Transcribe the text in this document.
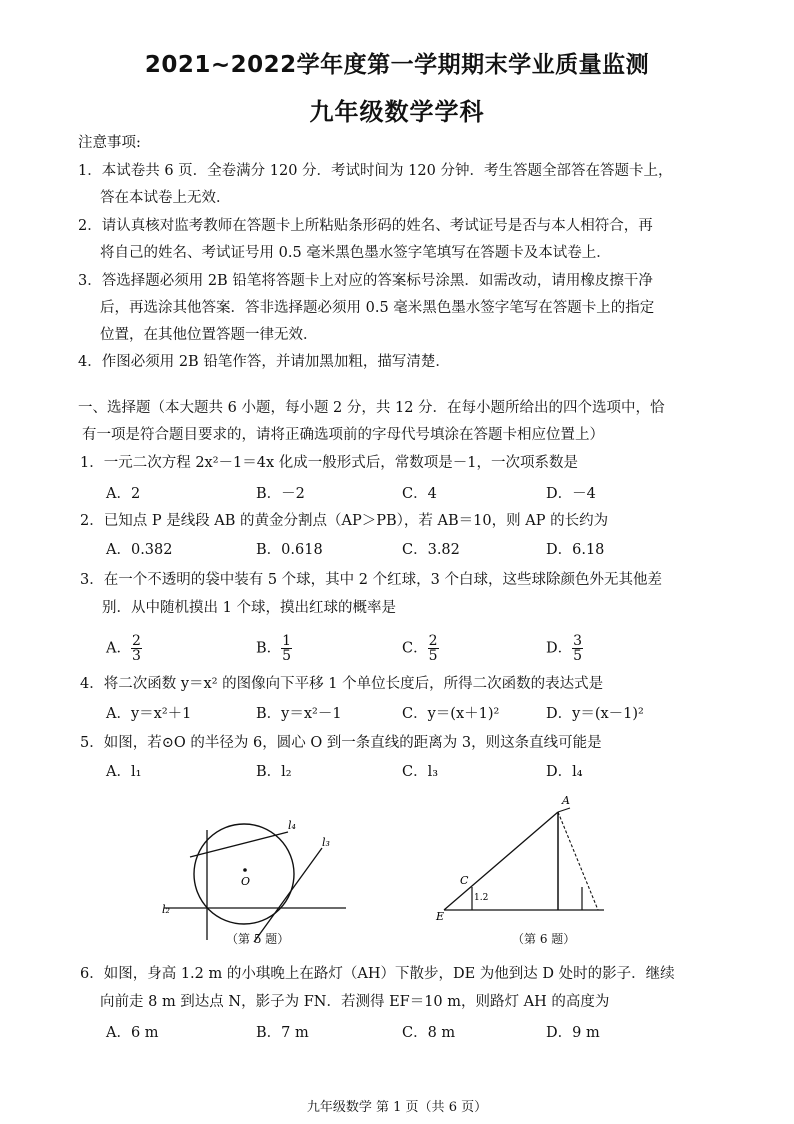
2021~2022学年度第一学期期末学业质量监测
九年级数学学科
注意事项:
1．本试卷共 6 页．全卷满分 120 分．考试时间为 120 分钟．考生答题全部答在答题卡上，
答在本试卷上无效．
2．请认真核对监考教师在答题卡上所粘贴条形码的姓名、考试证号是否与本人相符合，再
将自己的姓名、考试证号用 0.5 毫米黑色墨水签字笔填写在答题卡及本试卷上．
3．答选择题必须用 2B 铅笔将答题卡上对应的答案标号涂黑．如需改动，请用橡皮擦干净
后，再选涂其他答案．答非选择题必须用 0.5 毫米黑色墨水签字笔写在答题卡上的指定
位置，在其他位置答题一律无效．
4．作图必须用 2B 铅笔作答，并请加黑加粗，描写清楚．
一、选择题（本大题共 6 小题，每小题 2 分，共 12 分．在每小题所给出的四个选项中，恰
有一项是符合题目要求的，请将正确选项前的字母代号填涂在答题卡相应位置上）
1．一元二次方程 2x²－1＝4x 化成一般形式后，常数项是－1，一次项系数是
A．2	B．－2	C．4	D．－4
2．已知点 P 是线段 AB 的黄金分割点（AP＞PB），若 AB＝10，则 AP 的长约为
A．0.382	B．0.618	C．3.82	D．6.18
3．在一个不透明的袋中装有 5 个球，其中 2 个红球，3 个白球，这些球除颜色外无其他差
别．从中随机摸出 1 个球，摸出红球的概率是
A． $\frac{2}{3}$	B． $\frac{1}{5}$	C． $\frac{2}{5}$	D． $\frac{3}{5}$
4．将二次函数 y＝x² 的图像向下平移 1 个单位长度后，所得二次函数的表达式是
A．y＝x²＋1	B．y＝x²－1	C．y＝(x＋1)²	D．y＝(x－1)²
5．如图，若⊙O 的半径为 6，圆心 O 到一条直线的距离为 3，则这条直线可能是
A．l₁	B．l₂	C．l₃	D．l₄
l₄
l₃
l₂
O
（第 5 题）
A
C
E
1.2
（第 6 题）
6．如图，身高 1.2 m 的小琪晚上在路灯（AH）下散步，DE 为他到达 D 处时的影子．继续
向前走 8 m 到达点 N，影子为 FN．若测得 EF＝10 m，则路灯 AH 的高度为
A．6 m	B．7 m	C．8 m	D．9 m
九年级数学 第 1 页（共 6 页）
